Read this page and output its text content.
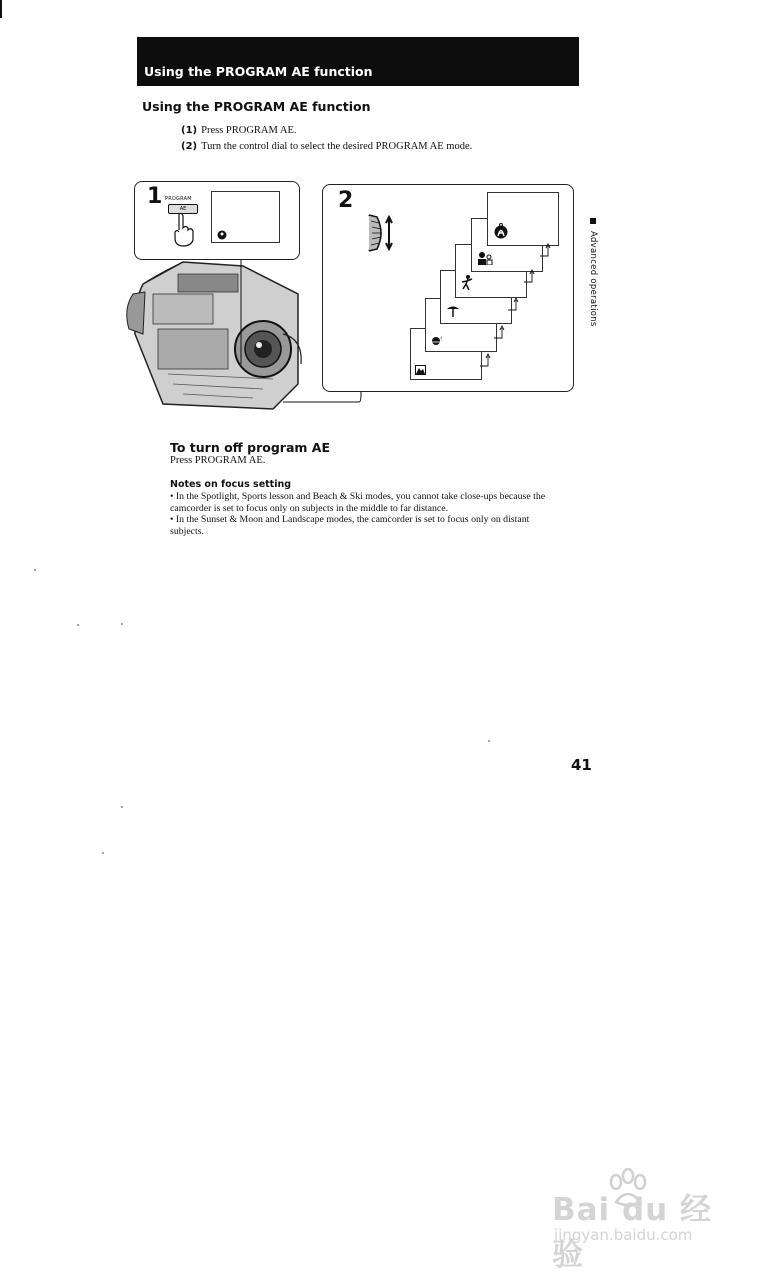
Using the PROGRAM AE function
Using the PROGRAM AE function
(1) Press PROGRAM AE.
(2) Turn the control dial to select the desired PROGRAM AE mode.
1 PROGRAM
AE	2
Advanced operations
To turn off program AE
Press PROGRAM AE.
Notes on focus setting

• In the Spotlight, Sports lesson and Beach & Ski modes, you cannot take close-ups because the camcorder is set to focus only on subjects in the middle to far distance.

• In the Sunset & Moon and Landscape modes, the camcorder is set to focus only on distant subjects.

41
Bai du 经验
jingyan.baidu.com
